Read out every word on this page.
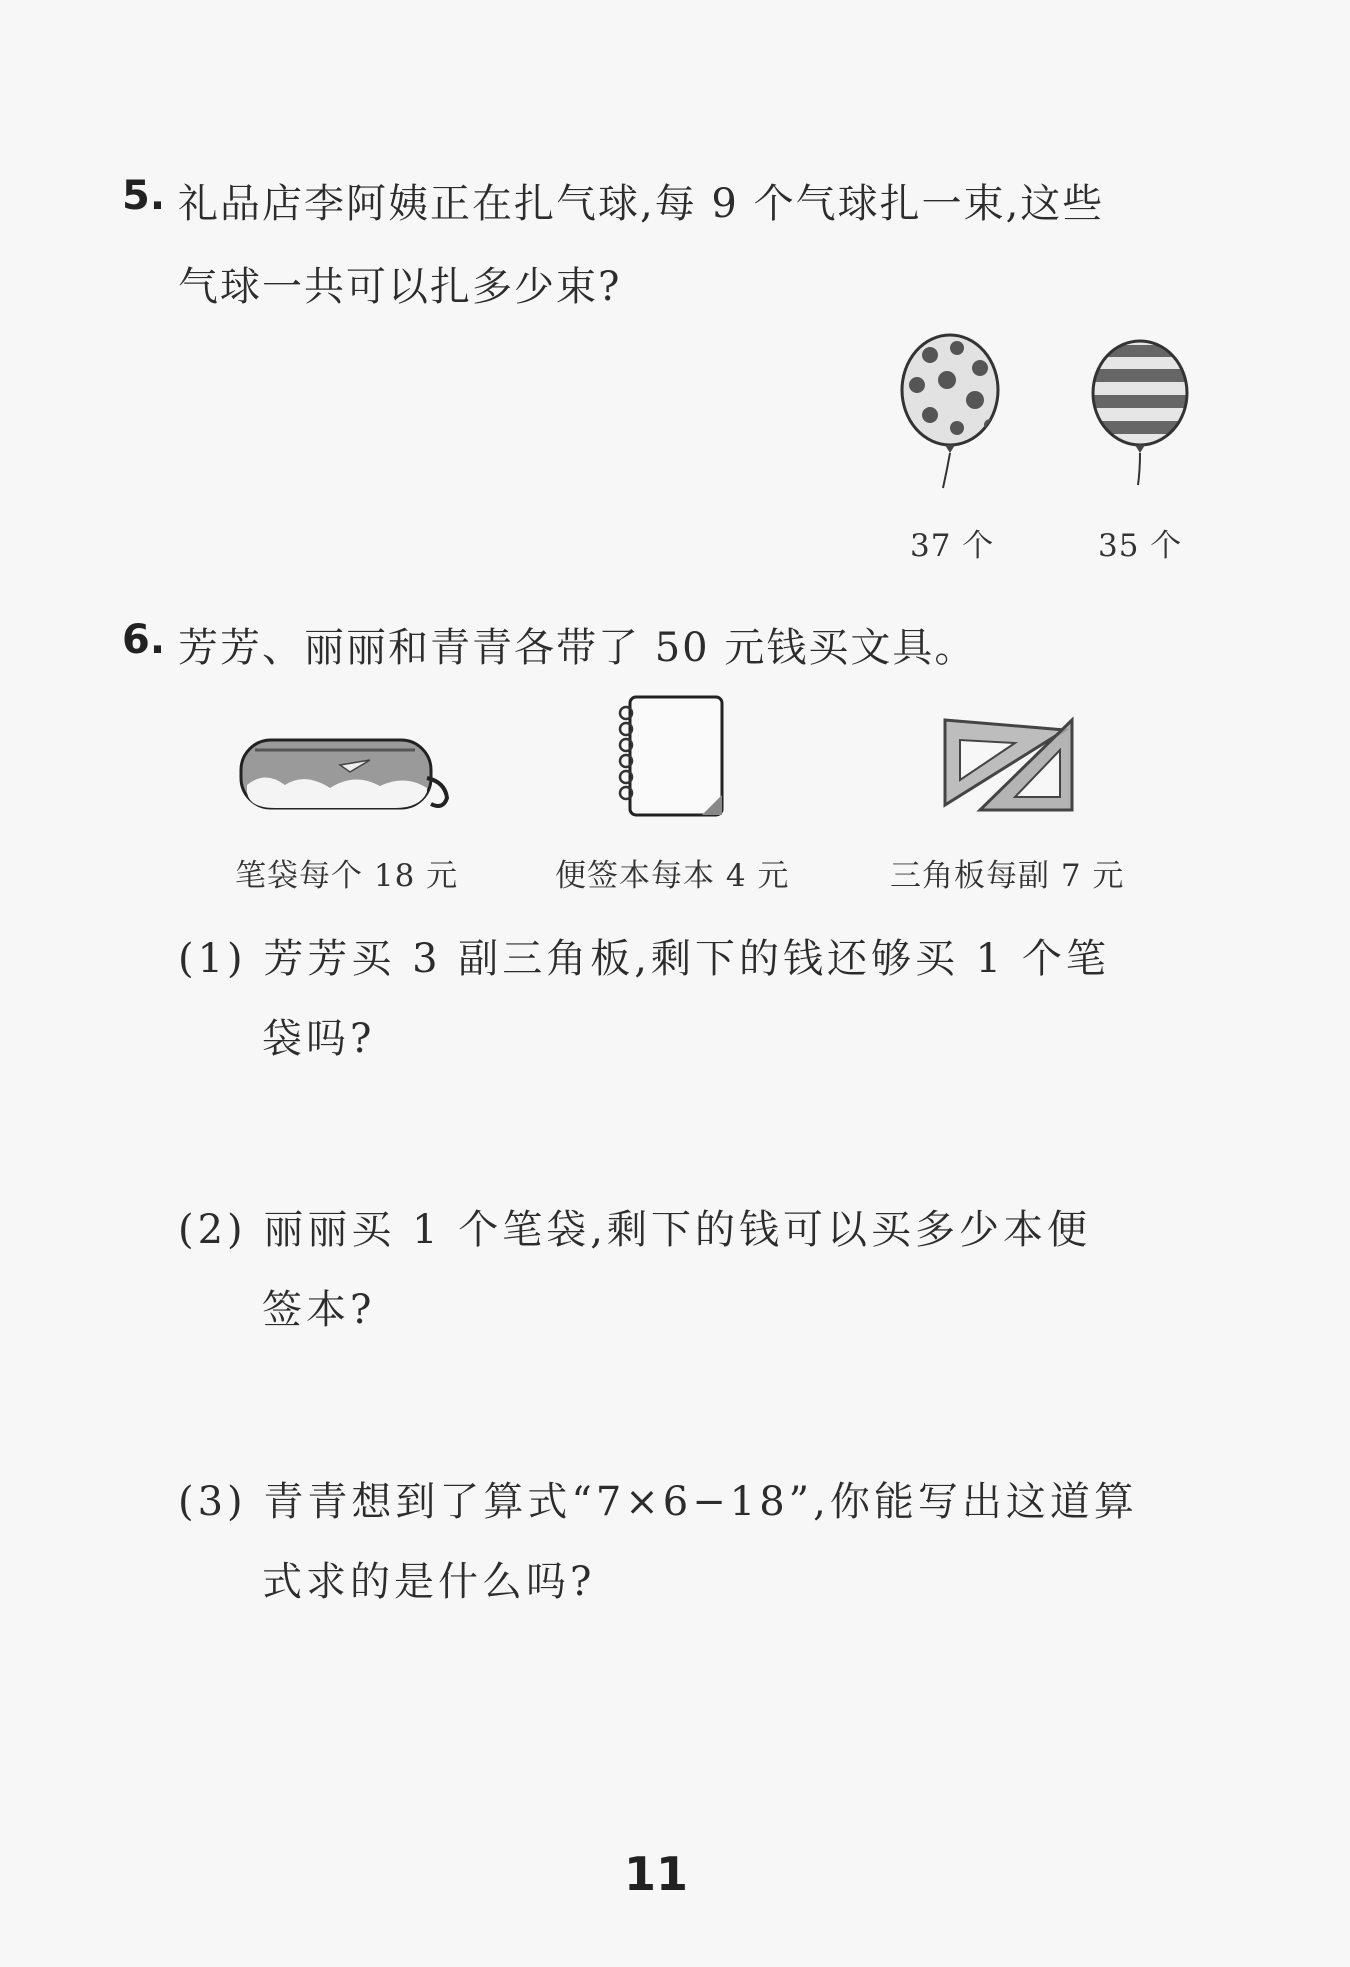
5. 礼品店李阿姨正在扎气球,每 9 个气球扎一束,这些
气球一共可以扎多少束?
37 个	35 个
6. 芳芳、丽丽和青青各带了 50 元钱买文具。
笔袋每个 18 元	便签本每本 4 元	三角板每副 7 元
(1) 芳芳买 3 副三角板,剩下的钱还够买 1 个笔
袋吗?
(2) 丽丽买 1 个笔袋,剩下的钱可以买多少本便
签本?
(3) 青青想到了算式“7×6−18”,你能写出这道算
式求的是什么吗?
11
